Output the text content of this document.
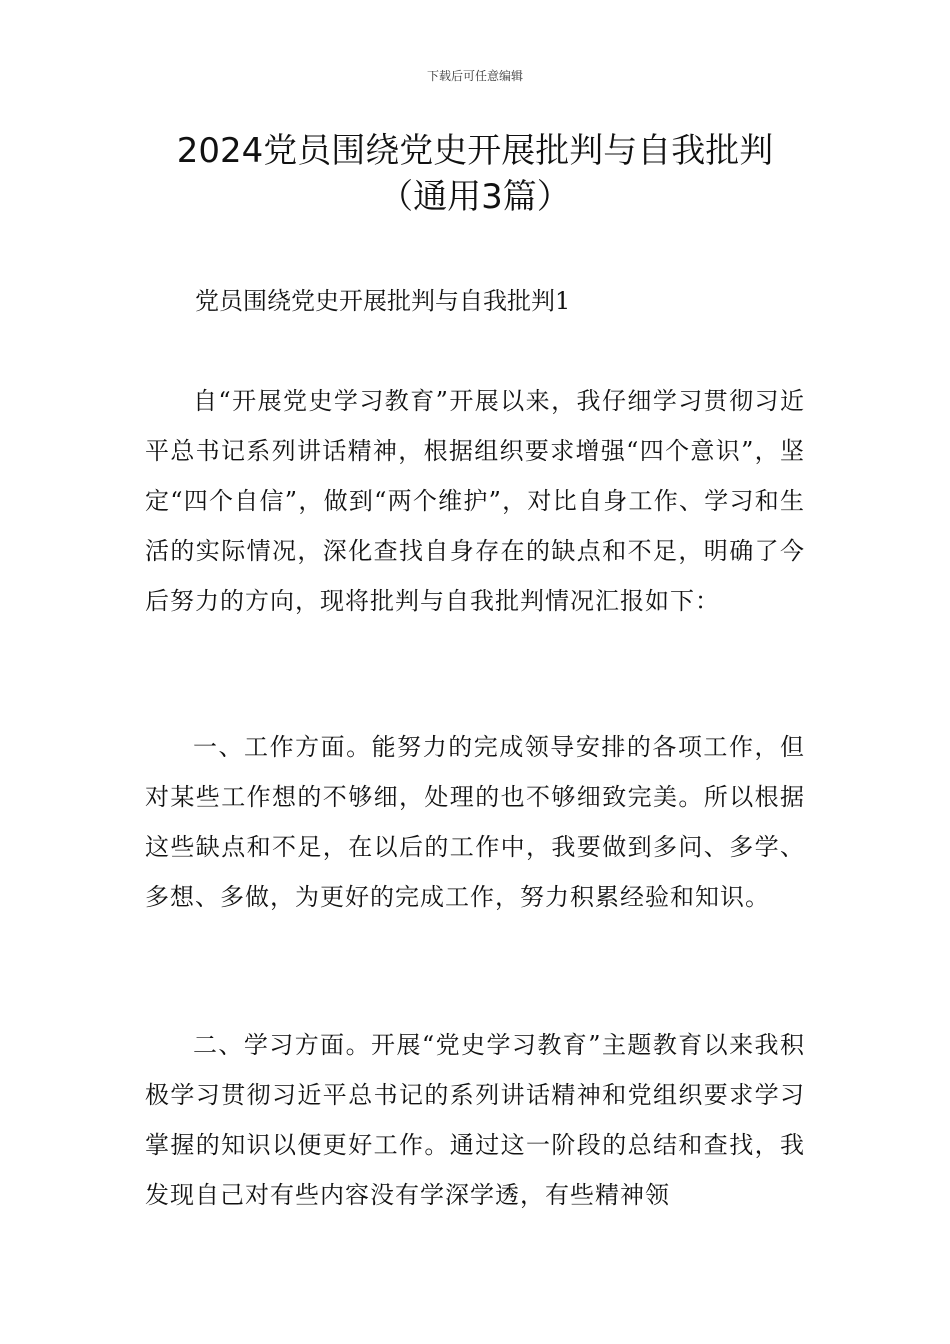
下载后可任意编辑
2024党员围绕党史开展批判与自我批判
（通用3篇）

党员围绕党史开展批判与自我批判1

自“开展党史学习教育”开展以来，我仔细学习贯彻习近平总书记系列讲话精神，根据组织要求增强“四个意识”，坚定“四个自信”，做到“两个维护”，对比自身工作、学习和生活的实际情况，深化查找自身存在的缺点和不足，明确了今后努力的方向，现将批判与自我批判情况汇报如下：

一、工作方面。能努力的完成领导安排的各项工作，但对某些工作想的不够细，处理的也不够细致完美。所以根据这些缺点和不足，在以后的工作中，我要做到多问、多学、多想、多做，为更好的完成工作，努力积累经验和知识。

二、学习方面。开展“党史学习教育”主题教育以来我积极学习贯彻习近平总书记的系列讲话精神和党组织要求学习掌握的知识以便更好工作。通过这一阶段的总结和查找，我发现自己对有些内容没有学深学透，有些精神领
